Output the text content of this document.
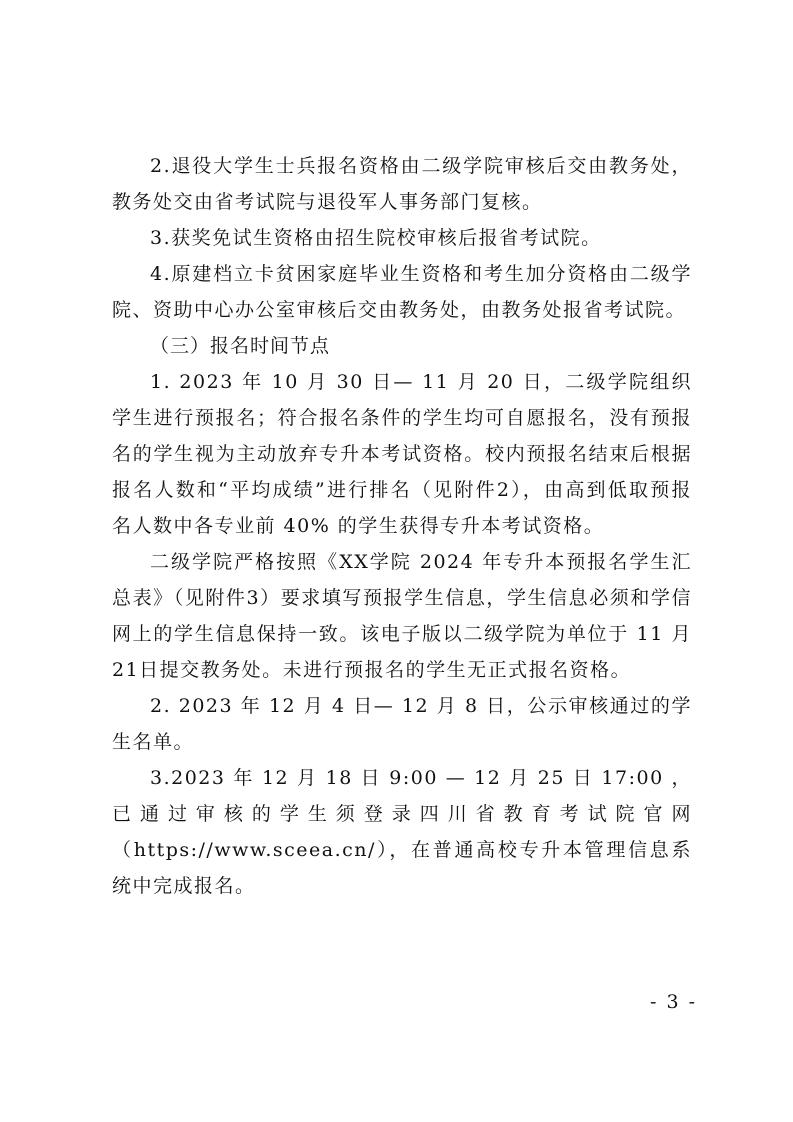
2.退役大学生士兵报名资格由二级学院审核后交由教务处，教务处交由省考试院与退役军人事务部门复核。

3.获奖免试生资格由招生院校审核后报省考试院。

4.原建档立卡贫困家庭毕业生资格和考生加分资格由二级学院、资助中心办公室审核后交由教务处，由教务处报省考试院。

（三）报名时间节点

1. 2023 年 10 月 30 日— 11 月 20 日，二级学院组织学生进行预报名；符合报名条件的学生均可自愿报名，没有预报名的学生视为主动放弃专升本考试资格。校内预报名结束后根据报名人数和“平均成绩”进行排名（见附件2），由高到低取预报名人数中各专业前 40% 的学生获得专升本考试资格。

二级学院严格按照《XX学院 2024 年专升本预报名学生汇总表》（见附件3）要求填写预报学生信息，学生信息必须和学信网上的学生信息保持一致。该电子版以二级学院为单位于 11 月 21日提交教务处。未进行预报名的学生无正式报名资格。

2. 2023 年 12 月 4 日— 12 月 8 日，公示审核通过的学生名单。

3.2023 年 12 月 18 日 9:00 — 12 月 25 日 17:00 ，已通过审核的学生须登录四川省教育考试院官网（https://www.sceea.cn/），在普通高校专升本管理信息系统中完成报名。

- 3 -
